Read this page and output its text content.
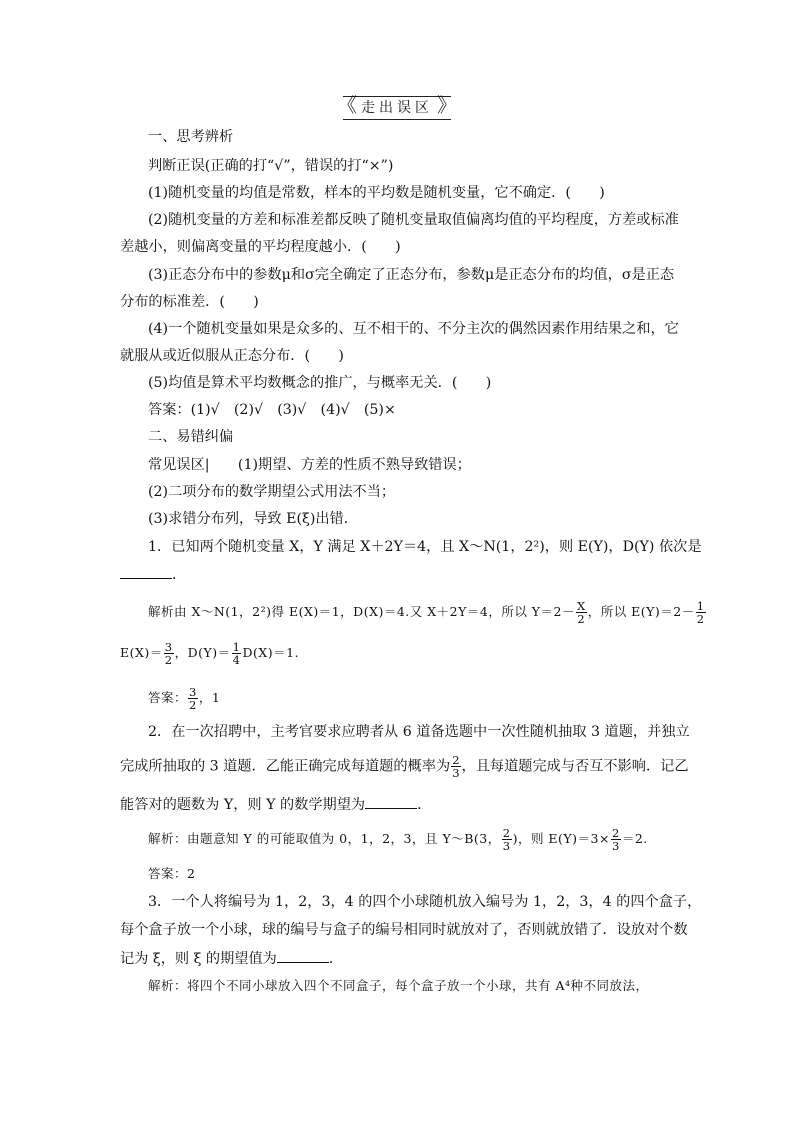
《 走出误区 》
一、思考辨析
判断正误(正确的打“√”，错误的打“×”)
(1)随机变量的均值是常数，样本的平均数是随机变量，它不确定．(　　)
(2)随机变量的方差和标准差都反映了随机变量取值偏离均值的平均程度，方差或标准
差越小，则偏离变量的平均程度越小．(　　)
(3)正态分布中的参数μ和σ完全确定了正态分布，参数μ是正态分布的均值，σ是正态
分布的标准差．(　　)
(4)一个随机变量如果是众多的、互不相干的、不分主次的偶然因素作用结果之和，它
就服从或近似服从正态分布．(　　)
(5)均值是算术平均数概念的推广，与概率无关．(　　)
答案：(1)√　(2)√　(3)√　(4)√　(5)×
二、易错纠偏
常见误区|　　(1)期望、方差的性质不熟导致错误；
(2)二项分布的数学期望公式用法不当；
(3)求错分布列，导致 E(ξ)出错．
1．已知两个随机变量 X，Y 满足 X＋2Y＝4，且 X～N(1，2²)，则 E(Y)，D(Y) 依次是
．
解析由 X～N(1，2²)得 E(X)＝1，D(X)＝4.又 X＋2Y＝4，所以 $Y=2- \frac{X}{2}$ ，所以 $E(Y)=2- \frac{1}{2}$
$E(X)= \frac{3}{2}$ ，$D(Y)= \frac{1}{4} D(X)=1$.
答案： $\frac{3}{2}$ ，1
2．在一次招聘中，主考官要求应聘者从 6 道备选题中一次性随机抽取 3 道题，并独立
完成所抽取的 3 道题．乙能正确完成每道题的概率为 $\frac{2}{3}$ ，且每道题完成与否互不影响．记乙
能答对的题数为 Y，则 Y 的数学期望为	．
解析：由题意知 Y 的可能取值为 0，1，2，3，且 Y～B(3， $\frac{2}{3}$ )，则 $E(Y)=3\times \frac{2}{3} =2$.
答案：2
3．一个人将编号为 1，2，3，4 的四个小球随机放入编号为 1，2，3，4 的四个盒子，
每个盒子放一个小球，球的编号与盒子的编号相同时就放对了，否则就放错了．设放对个数
记为 ξ，则 ξ 的期望值为	．
解析：将四个不同小球放入四个不同盒子，每个盒子放一个小球，共有 A⁴种不同放法，
